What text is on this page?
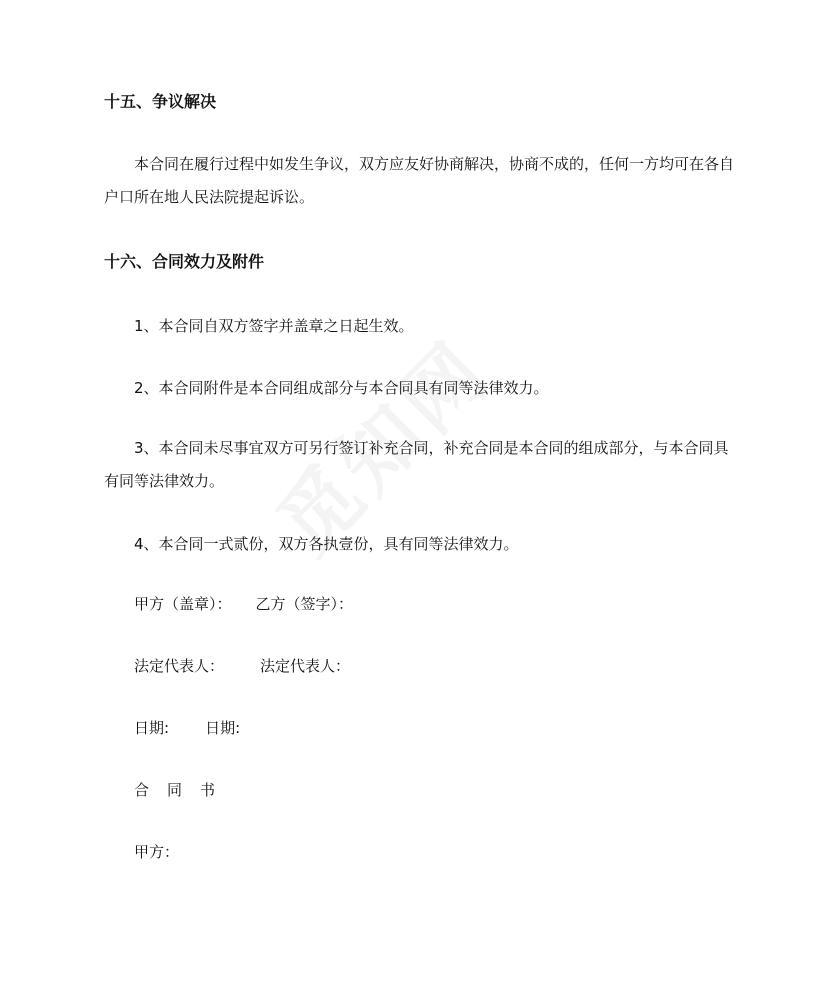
十五、争议解决

本合同在履行过程中如发生争议，双方应友好协商解决，协商不成的，任何一方均可在各自户口所在地人民法院提起诉讼。

十六、合同效力及附件
1、本合同自双方签字并盖章之日起生效。
2、本合同附件是本合同组成部分与本合同具有同等法律效力。

3、本合同未尽事宜双方可另行签订补充合同，补充合同是本合同的组成部分，与本合同具有同等法律效力。

4、本合同一式贰份，双方各执壹份，具有同等法律效力。
甲方（盖章）： 乙方（签字）：
法定代表人： 法定代表人：
日期: 日期:
合同书
甲方：
